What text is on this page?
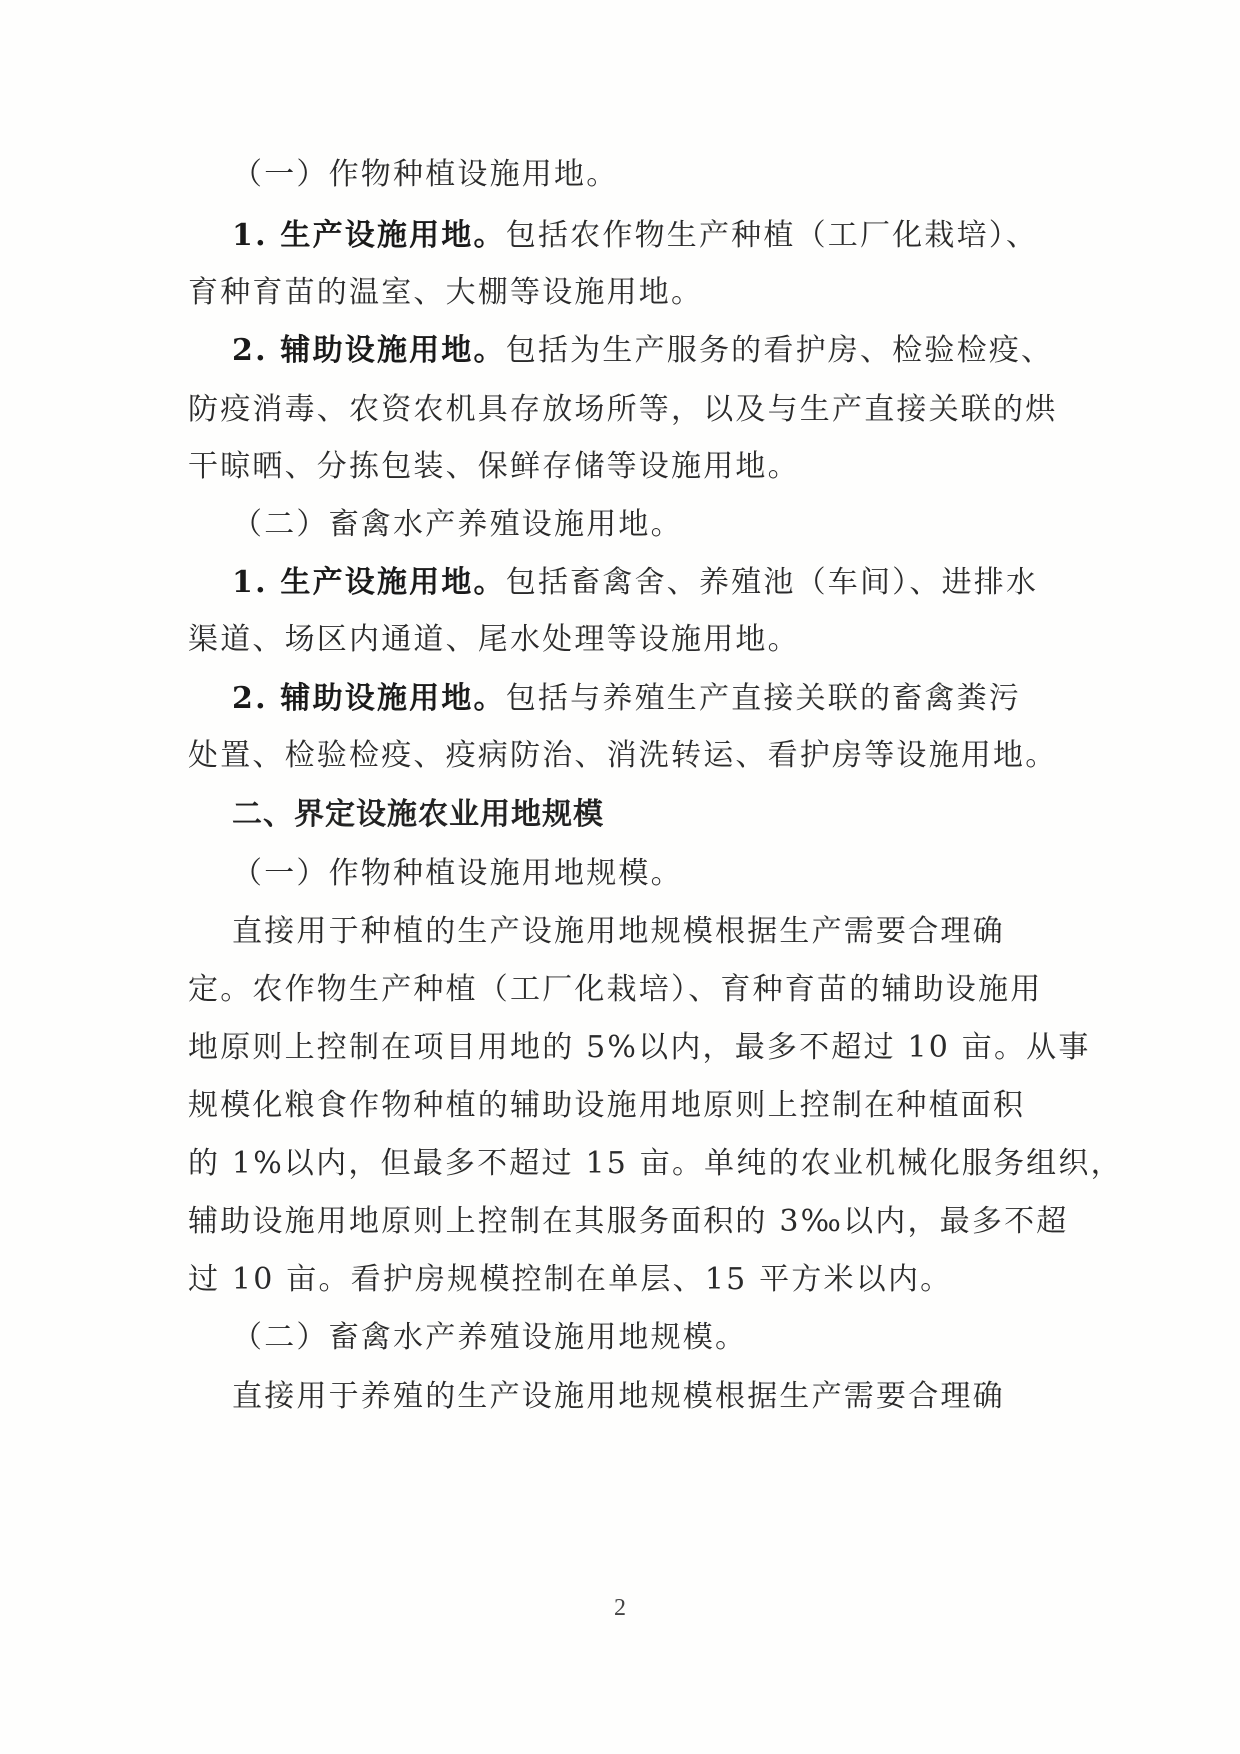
（一）作物种植设施用地。
1. 生产设施用地。包括农作物生产种植（工厂化栽培）、
育种育苗的温室、大棚等设施用地。
2. 辅助设施用地。包括为生产服务的看护房、检验检疫、
防疫消毒、农资农机具存放场所等，以及与生产直接关联的烘
干晾晒、分拣包装、保鲜存储等设施用地。
（二）畜禽水产养殖设施用地。
1. 生产设施用地。包括畜禽舍、养殖池（车间）、进排水
渠道、场区内通道、尾水处理等设施用地。
2. 辅助设施用地。包括与养殖生产直接关联的畜禽粪污
处置、检验检疫、疫病防治、消洗转运、看护房等设施用地。
二、界定设施农业用地规模
（一）作物种植设施用地规模。
直接用于种植的生产设施用地规模根据生产需要合理确
定。农作物生产种植（工厂化栽培）、育种育苗的辅助设施用
地原则上控制在项目用地的 5%以内，最多不超过 10 亩。从事
规模化粮食作物种植的辅助设施用地原则上控制在种植面积
的 1%以内，但最多不超过 15 亩。单纯的农业机械化服务组织，
辅助设施用地原则上控制在其服务面积的 3‰以内，最多不超
过 10 亩。看护房规模控制在单层、15 平方米以内。
（二）畜禽水产养殖设施用地规模。
直接用于养殖的生产设施用地规模根据生产需要合理确
2
